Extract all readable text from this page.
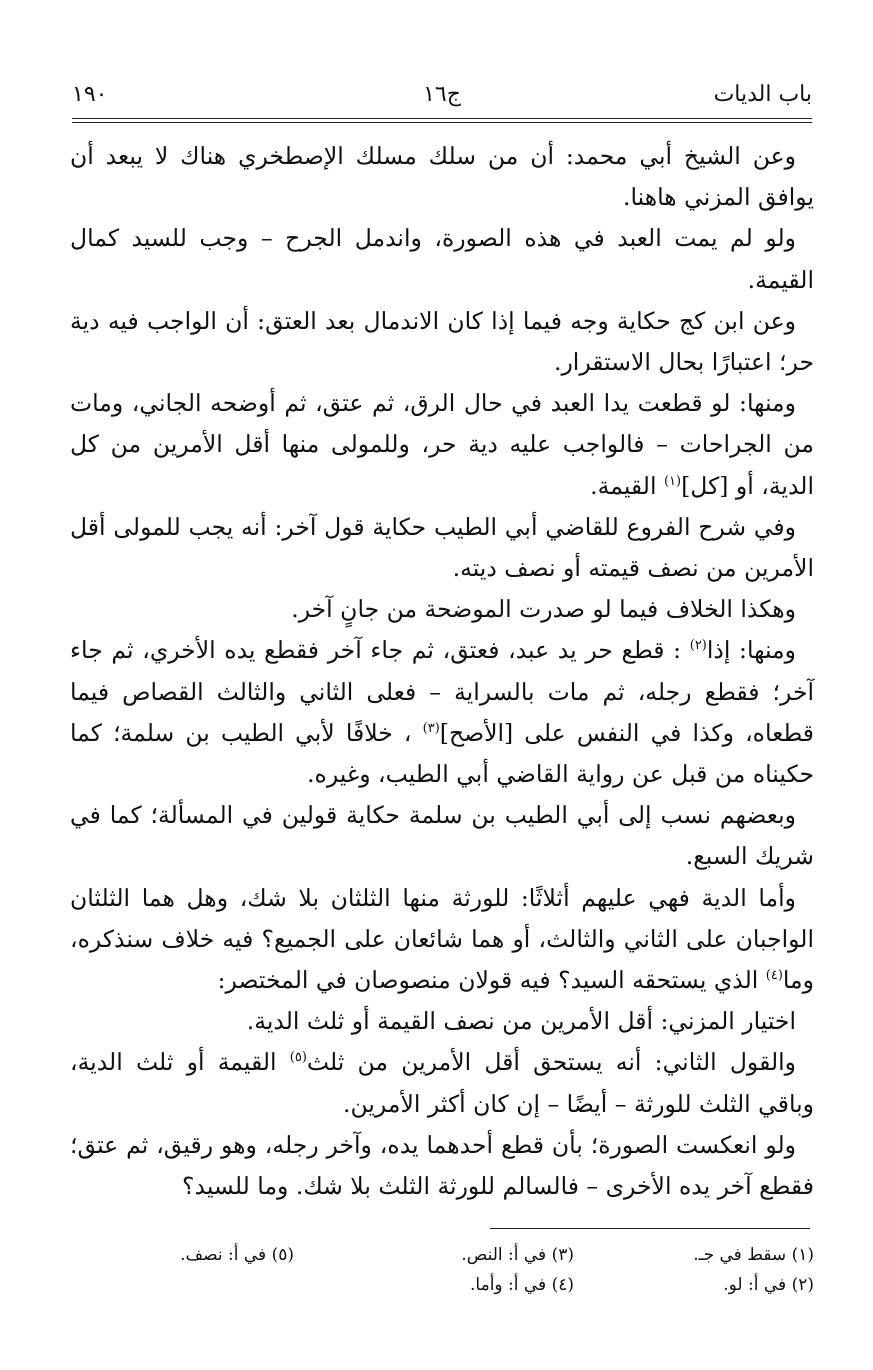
باب الديات
ج١٦
١٩٠

وعن الشيخ أبي محمد: أن من سلك مسلك الإصطخري هناك لا يبعد أن يوافق المزني هاهنا.

ولو لم يمت العبد في هذه الصورة، واندمل الجرح – وجب للسيد كمال القيمة.

وعن ابن كج حكاية وجه فيما إذا كان الاندمال بعد العتق: أن الواجب فيه دية حر؛ اعتبارًا بحال الاستقرار.

ومنها: لو قطعت يدا العبد في حال الرق، ثم عتق، ثم أوضحه الجاني، ومات من الجراحات – فالواجب عليه دية حر، وللمولى منها أقل الأمرين من كل الدية، أو [كل]$^{(١)}$ القيمة.

وفي شرح الفروع للقاضي أبي الطيب حكاية قول آخر: أنه يجب للمولى أقل الأمرين من نصف قيمته أو نصف ديته.

وهكذا الخلاف فيما لو صدرت الموضحة من جانٍ آخر.

ومنها: إذا$^{(٢)}$ : قطع حر يد عبد، فعتق، ثم جاء آخر فقطع يده الأخري، ثم جاء آخر؛ فقطع رجله، ثم مات بالسراية – فعلى الثاني والثالث القصاص فيما قطعاه، وكذا في النفس على [الأصح]$^{(٣)}$ ، خلافًا لأبي الطيب بن سلمة؛ كما حكيناه من قبل عن رواية القاضي أبي الطيب، وغيره.

وبعضهم نسب إلى أبي الطيب بن سلمة حكاية قولين في المسألة؛ كما في شريك السبع.

وأما الدية فهي عليهم أثلاثًا: للورثة منها الثلثان بلا شك، وهل هما الثلثان الواجبان على الثاني والثالث، أو هما شائعان على الجميع؟ فيه خلاف سنذكره، وما$^{(٤)}$ الذي يستحقه السيد؟ فيه قولان منصوصان في المختصر:

اختيار المزني: أقل الأمرين من نصف القيمة أو ثلث الدية.

والقول الثاني: أنه يستحق أقل الأمرين من ثلث$^{(٥)}$ القيمة أو ثلث الدية، وباقي الثلث للورثة – أيضًا – إن كان أكثر الأمرين.

ولو انعكست الصورة؛ بأن قطع أحدهما يده، وآخر رجله، وهو رقيق، ثم عتق؛ فقطع آخر يده الأخرى – فالسالم للورثة الثلث بلا شك. وما للسيد؟

(١) سقط في جـ.
(٢) في أ: لو.
(٣) في أ: النص.
(٤) في أ: وأما.
(٥) في أ: نصف.
